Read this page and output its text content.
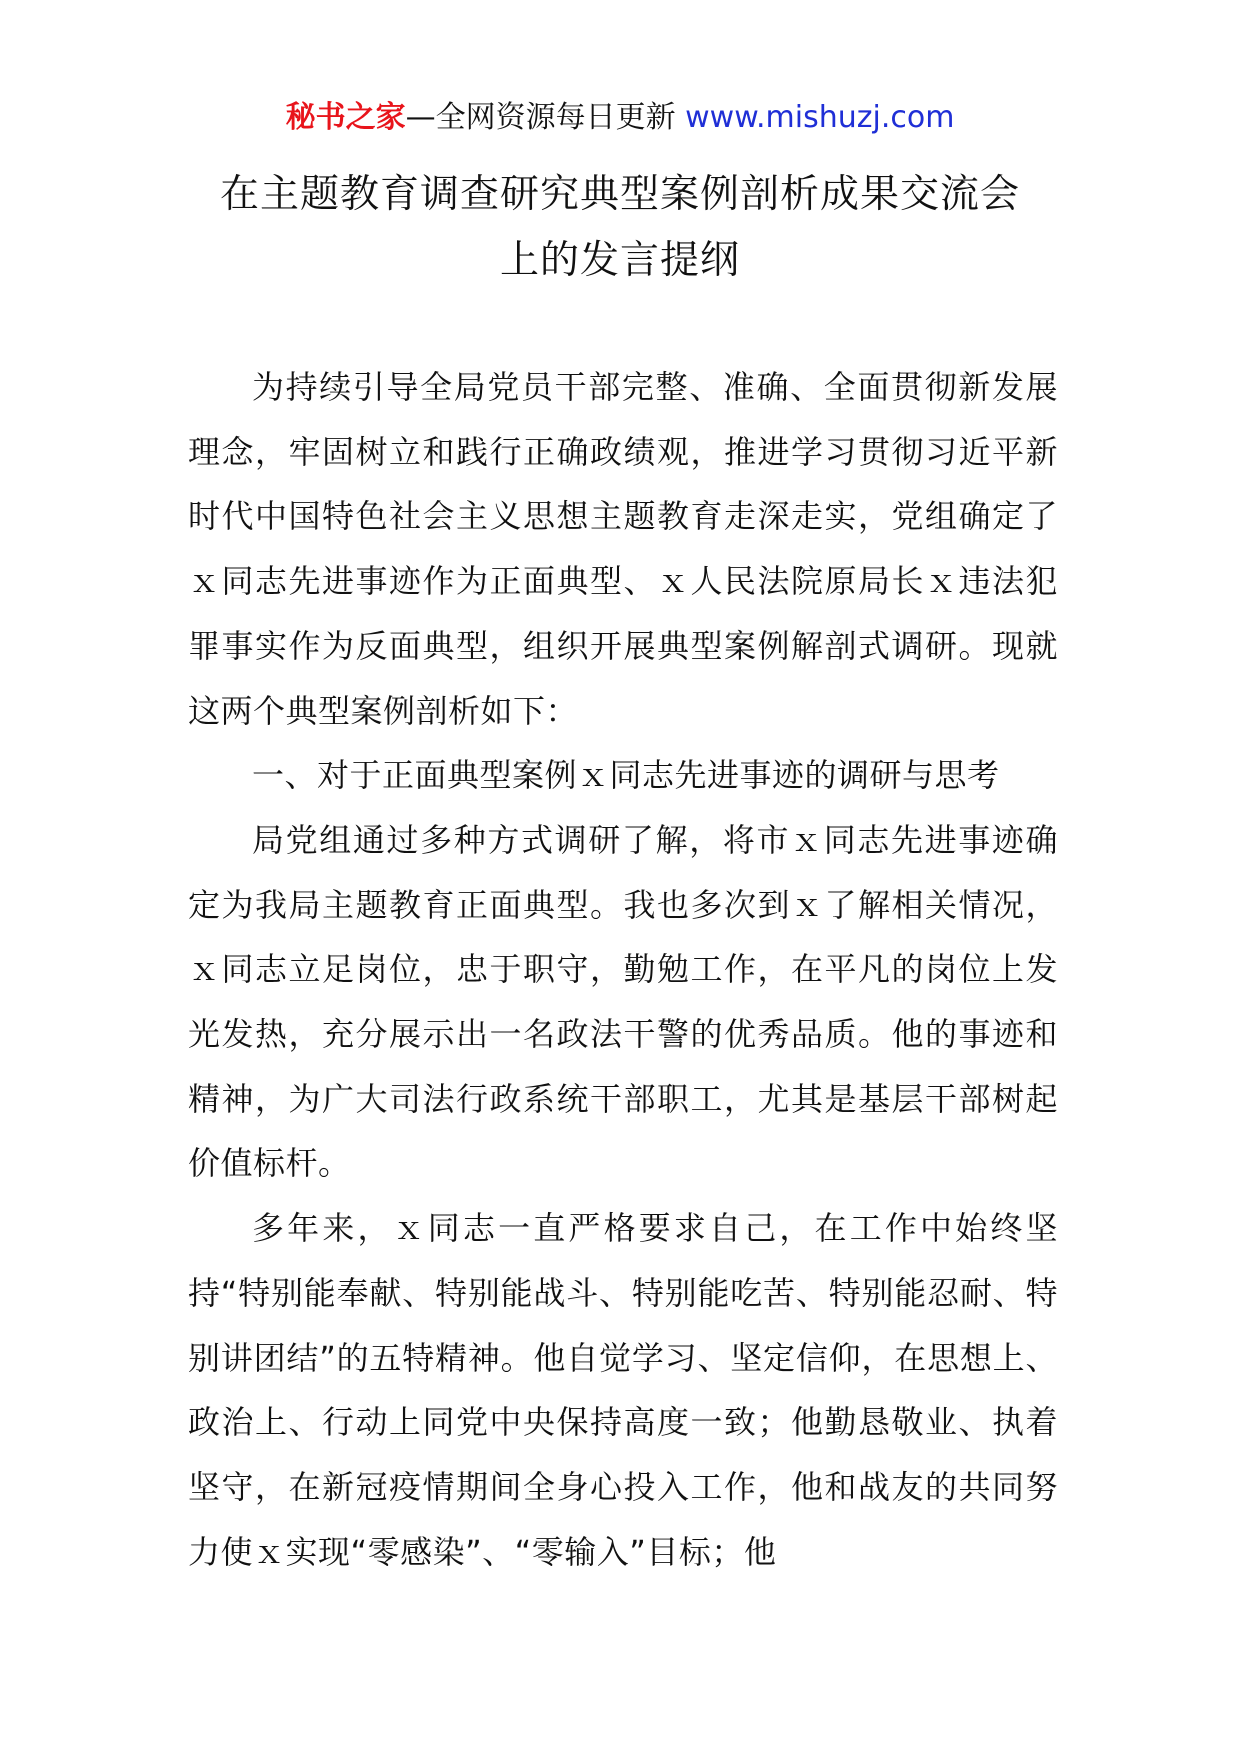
秘书之家—全网资源每日更新 www.mishuzj.com
在主题教育调查研究典型案例剖析成果交流会
上的发言提纲

为持续引导全局党员干部完整、准确、全面贯彻新发展理念，牢固树立和践行正确政绩观，推进学习贯彻习近平新时代中国特色社会主义思想主题教育走深走实，党组确定了ｘ同志先进事迹作为正面典型、ｘ人民法院原局长ｘ违法犯罪事实作为反面典型，组织开展典型案例解剖式调研。现就这两个典型案例剖析如下：

一、对于正面典型案例ｘ同志先进事迹的调研与思考

局党组通过多种方式调研了解，将市ｘ同志先进事迹确定为我局主题教育正面典型。我也多次到ｘ了解相关情况，ｘ同志立足岗位，忠于职守，勤勉工作，在平凡的岗位上发光发热，充分展示出一名政法干警的优秀品质。他的事迹和精神，为广大司法行政系统干部职工，尤其是基层干部树起价值标杆。

多年来，ｘ同志一直严格要求自己，在工作中始终坚持“特别能奉献、特别能战斗、特别能吃苦、特别能忍耐、特别讲团结”的五特精神。他自觉学习、坚定信仰，在思想上、政治上、行动上同党中央保持高度一致；他勤恳敬业、执着坚守，在新冠疫情期间全身心投入工作，他和战友的共同努力使ｘ实现“零感染”、“零输入”目标；他
